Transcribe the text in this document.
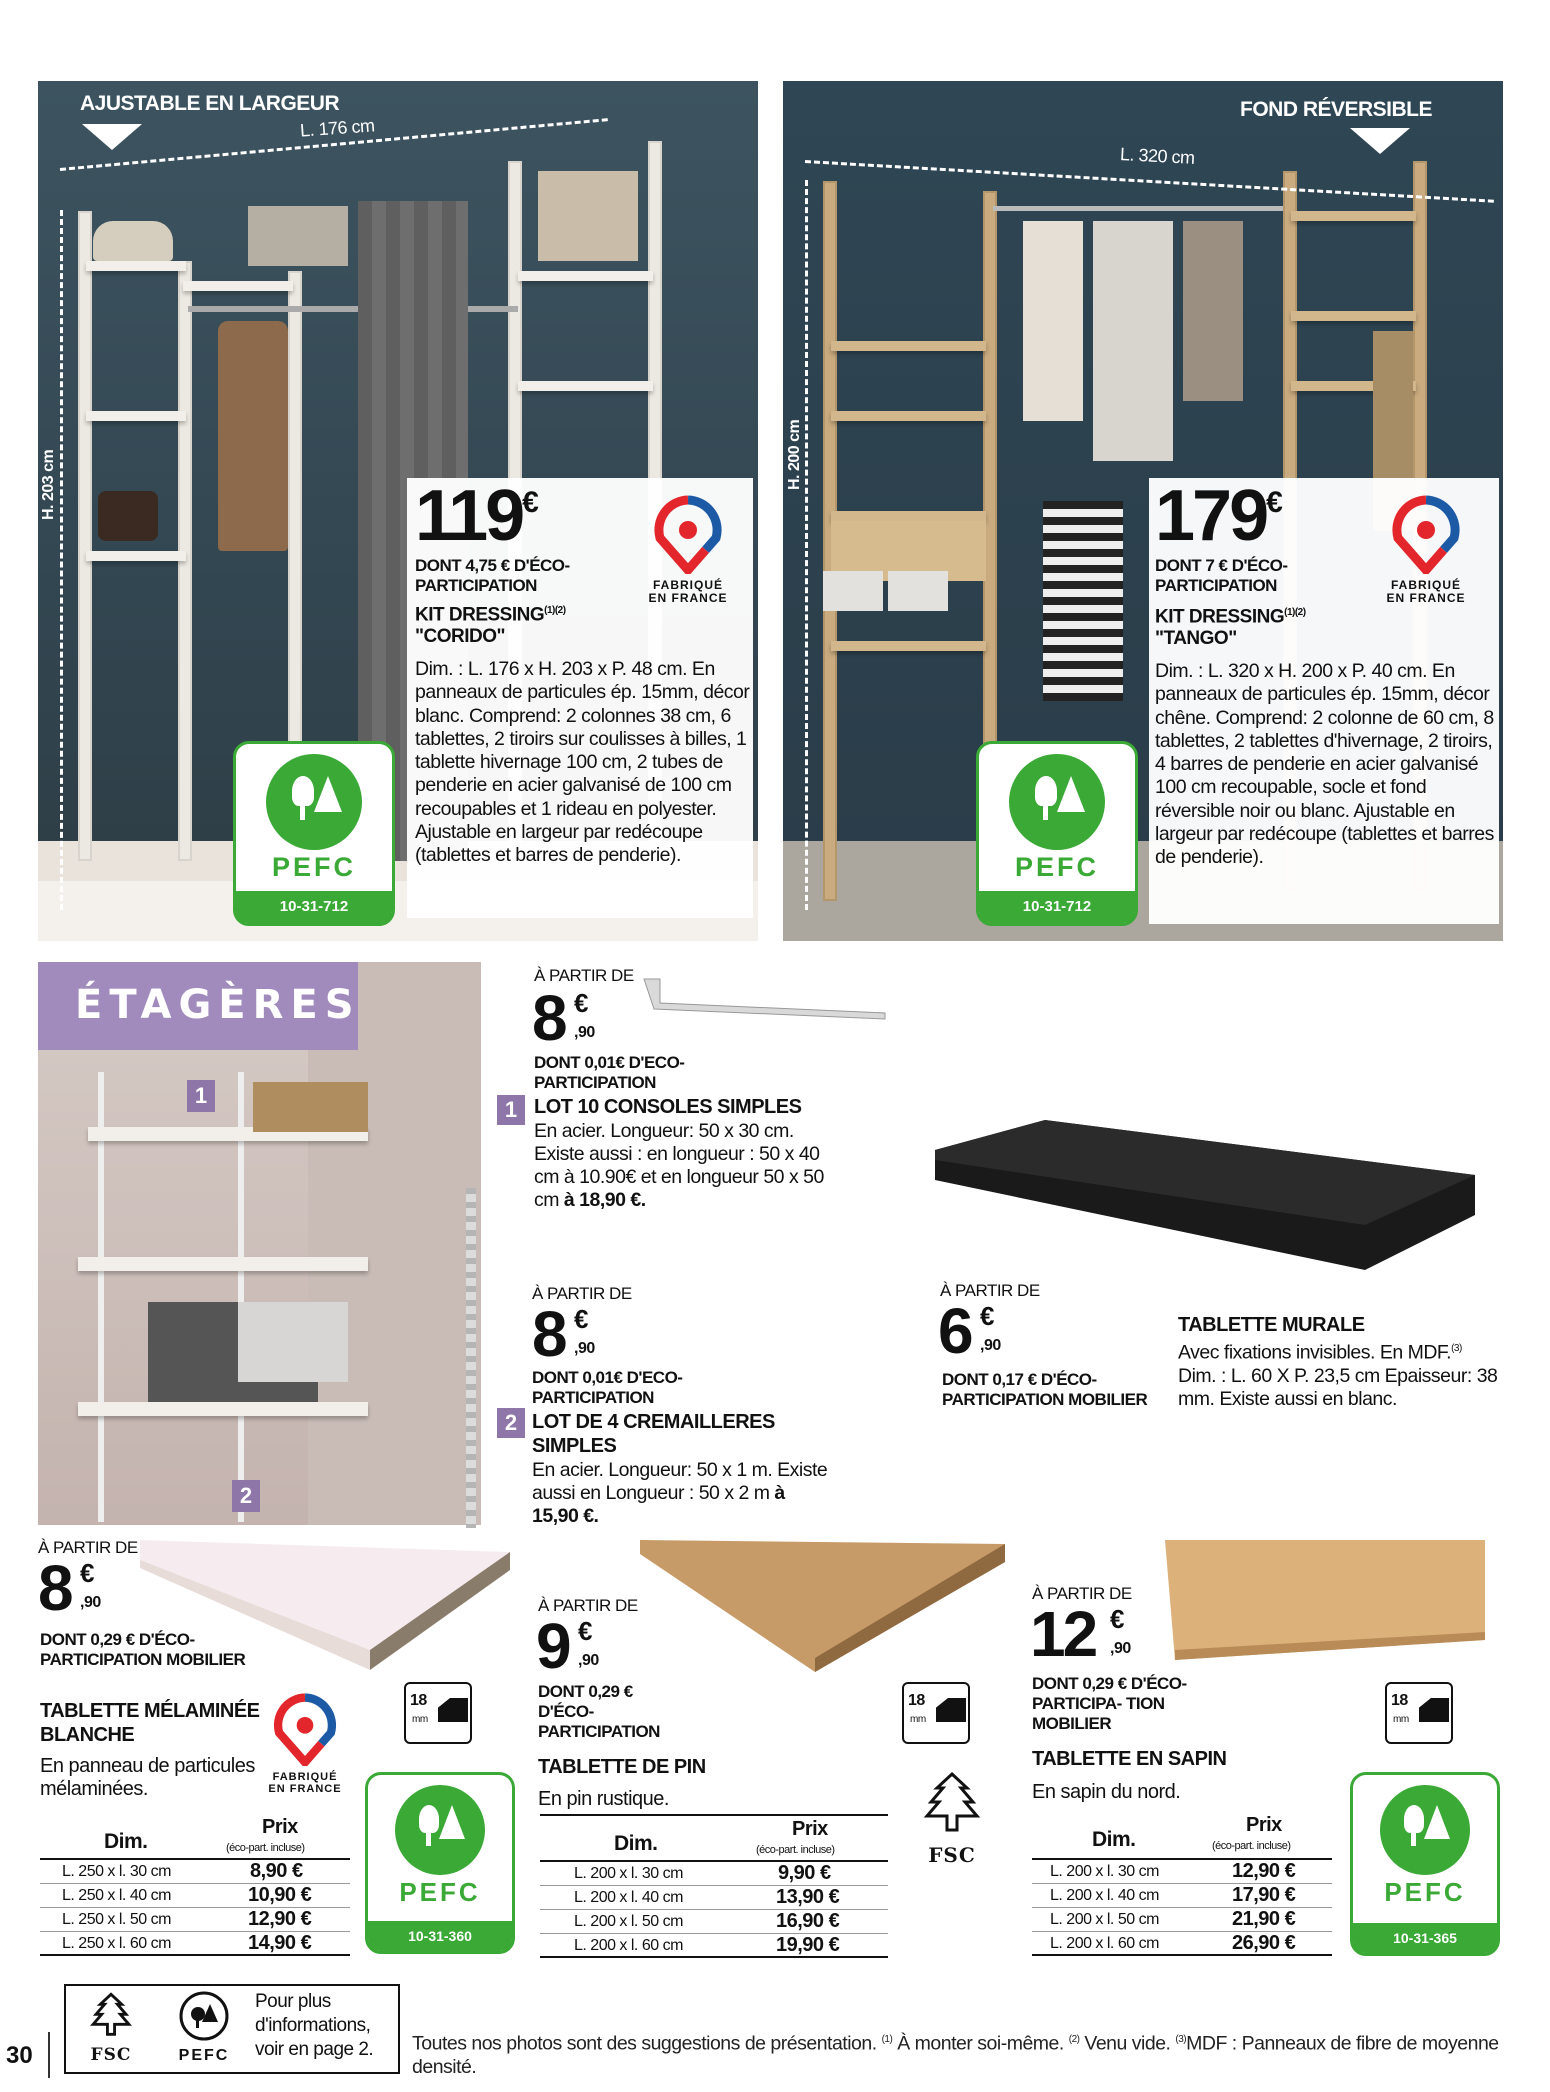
AJUSTABLE EN LARGEUR
L. 176 cm
H. 203 cm	119€
DONT 4,75 € D'ÉCO-PARTICIPATION
KIT $DRESSING^{(1)(2)}$
"CORIDO"
Dim. : L. 176 x H. 203 x P. 48 cm. En panneaux de particules ép. 15mm, décor blanc. Comprend: 2 colonnes 38 cm, 6 tablettes, 2 tiroirs sur coulisses à billes, 1 tablette hivernage 100 cm, 2 tubes de penderie en acier galvanisé de 100 cm recoupables et 1 rideau en polyester. Ajustable en largeur par redécoupe (tablettes et barres de penderie).
FABRIQUÉ EN FRANCE
PEFC
10-31-712
FOND RÉVERSIBLE
L. 320 cm
H. 200 cm
179€
DONT 7 € D'ÉCO-PARTICIPATION
KIT $DRESSING^{(1)(2)}$
"TANGO"
Dim. : L. 320 x H. 200 x P. 40 cm. En panneaux de particules ép. 15mm, décor chêne. Comprend: 2 colonne de 60 cm, 8 tablettes, 2 tablettes d'hivernage, 2 tiroirs, 4 barres de penderie en acier galvanisé 100 cm recoupable, socle et fond réversible noir ou blanc. Ajustable en largeur par redécoupe (tablettes et barres de penderie).
FABRIQUÉ EN FRANCE
PEFC
10-31-712
ÉTAGÈRES
1
2
À PARTIR DE
8 €
,90
DONT 0,01€ D'ECO-PARTICIPATION
1 LOT 10 CONSOLES SIMPLES
En acier. Longueur: 50 x 30 cm. Existe aussi : en longueur : 50 x 40 cm à 10.90€ et en longueur 50 x 50 cm à 18,90 €.
À PARTIR DE
8 €
,90
DONT 0,01€ D'ECO-PARTICIPATION
2 LOT DE 4 CREMAILLERES SIMPLES
En acier. Longueur: 50 x 1 m. Existe aussi en Longueur : 50 x 2 m à 15,90 €.
À PARTIR DE
6 €
,90
DONT 0,17 € D'ÉCO-PARTICIPATION MOBILIER
TABLETTE MURALE
Avec fixations invisibles. En MDF.$^{(3)}$
Dim. : L. 60 X P. 23,5 cm Epaisseur: 38 mm. Existe aussi en blanc.
À PARTIR DE
8 €
,90
DONT 0,29 € D'ÉCO-PARTICIPATION MOBILIER
TABLETTE MÉLAMINÉE BLANCHE
En panneau de particules mélaminées.
FABRIQUÉ EN FRANCE
18
mm
PEFC
10-31-360
Dim.
Prix
(éco-part. incluse)
L. 250 x l. 30 cm	8,90 €
L. 250 x l. 40 cm	10,90 €
L. 250 x l. 50 cm	12,90 €
L. 250 x l. 60 cm	14,90 €
À PARTIR DE
9 €
,90
DONT 0,29 € D'ÉCO-PARTICIPATION
TABLETTE DE PIN
En pin rustique.
18
mm
FSC
Dim.
Prix
(éco-part. incluse)
L. 200 x l. 30 cm	9,90 €
L. 200 x l. 40 cm	13,90 €
L. 200 x l. 50 cm	16,90 €
L. 200 x l. 60 cm	19,90 €
À PARTIR DE
12 €
,90
DONT 0,29 € D'ÉCO-PARTICIPA- TION MOBILIER
TABLETTE EN SAPIN
En sapin du nord.
18
mm
PEFC
10-31-365
Dim.
Prix
(éco-part. incluse)
L. 200 x l. 30 cm	12,90 €
L. 200 x l. 40 cm	17,90 €
L. 200 x l. 50 cm	21,90 €
L. 200 x l. 60 cm	26,90 €
30	FSC	PEFC
Pour plus d'informations, voir en page 2.	Toutes nos photos sont des suggestions de présentation. $^{(1)}$ À monter soi-même. $^{(2)}$ Venu vide. $^{(3)}$MDF : Panneaux de fibre de moyenne densité.
